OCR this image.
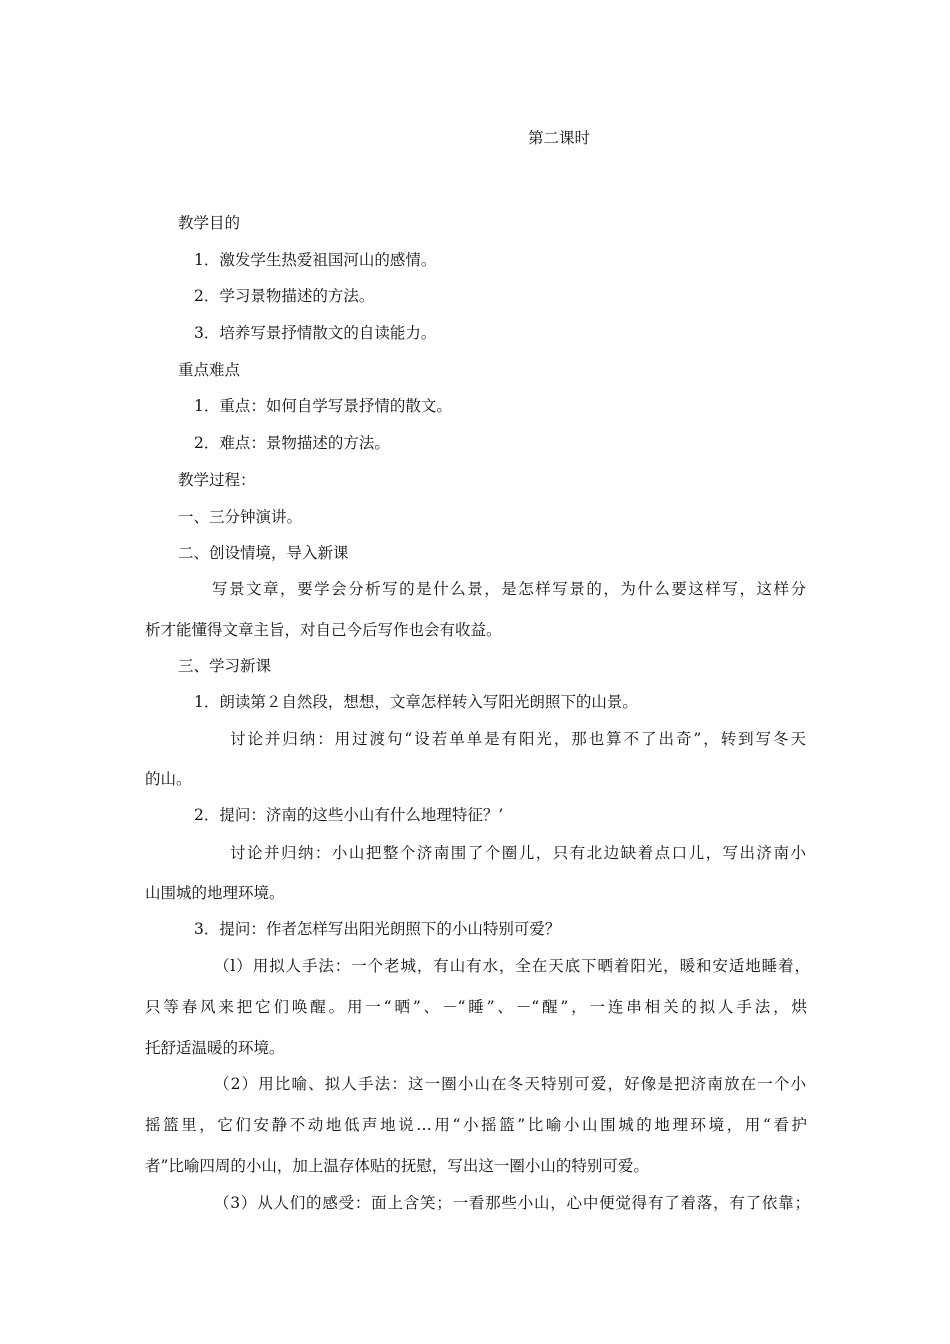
第二课时
教学目的
1．激发学生热爱祖国河山的感情。
2．学习景物描述的方法。
3．培养写景抒情散文的自读能力。
重点难点
1．重点：如何自学写景抒情的散文。
2．难点：景物描述的方法。
教学过程：
一、三分钟演讲。
二、创设情境，导入新课
写景文章，要学会分析写的是什么景，是怎样写景的，为什么要这样写，这样分
析才能懂得文章主旨，对自己今后写作也会有收益。
三、学习新课
1．朗读第２自然段，想想，文章怎样转入写阳光朗照下的山景。
讨论并归纳：用过渡句“设若单单是有阳光，那也算不了出奇”，转到写冬天
的山。
2．提问：济南的这些小山有什么地理特征？’
讨论并归纳：小山把整个济南围了个圈儿，只有北边缺着点口儿，写出济南小
山围城的地理环境。
3．提问：作者怎样写出阳光朗照下的小山特别可爱？
（l）用拟人手法：一个老城，有山有水，全在天底下晒着阳光，暖和安适地睡着，
只等春风来把它们唤醒。用一“晒”、－“睡”、－“醒”，一连串相关的拟人手法，烘
托舒适温暖的环境。
（2）用比喻、拟人手法：这一圈小山在冬天特别可爱，好像是把济南放在一个小
摇篮里，它们安静不动地低声地说…用“小摇篮”比喻小山围城的地理环境，用“看护
者”比喻四周的小山，加上温存体贴的抚慰，写出这一圈小山的特别可爱。
（3）从人们的感受：面上含笑；一看那些小山，心中便觉得有了着落，有了依靠；
